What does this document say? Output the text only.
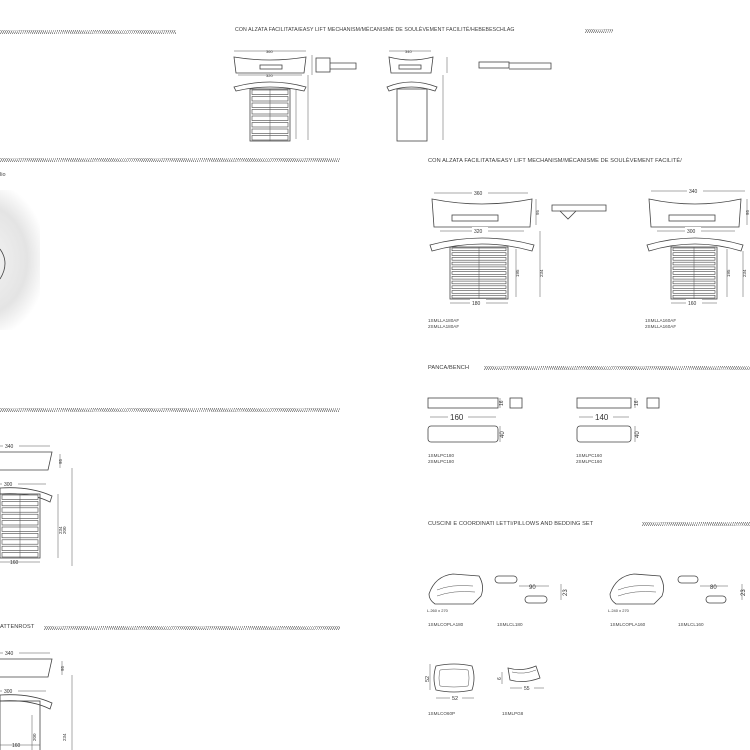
CON ALZATA FACILITATA/EASY LIFT MECHANISM/MÉCANISME DE SOULÈVEMENT FACILITÉ/HEBEBESCHLAG
360
320
340
lio
340
300
160
95
200
234
ATTENROST
340
300
160
95
200	234
CON ALZATA FACILITATA/EASY LIFT MECHANISM/MÉCANISME DE SOULÈVEMENT FACILITÉ/
360
320
180
95
195	234
1SMLLA180AF
2SMLLA180AF
340
300
160
95
195 234
1SMLLA160AF
2SMLLA160AF
PANCA/BENCH
16
160
40
1SMLPC180
2SMLPC180
16
140
40
1SMLPC160
2SMLPC160
CUSCINI E COORDINATI LETTI/PILLOWS AND BEDDING SET
L.260 x 270
90
23
1SMLCOPLA180	1SMLCL180
L.240 x 270
80
23
1SMLCOPLA160	1SMLCL160
52
52
1SMLCO60P
6
55
1SMLPG8
